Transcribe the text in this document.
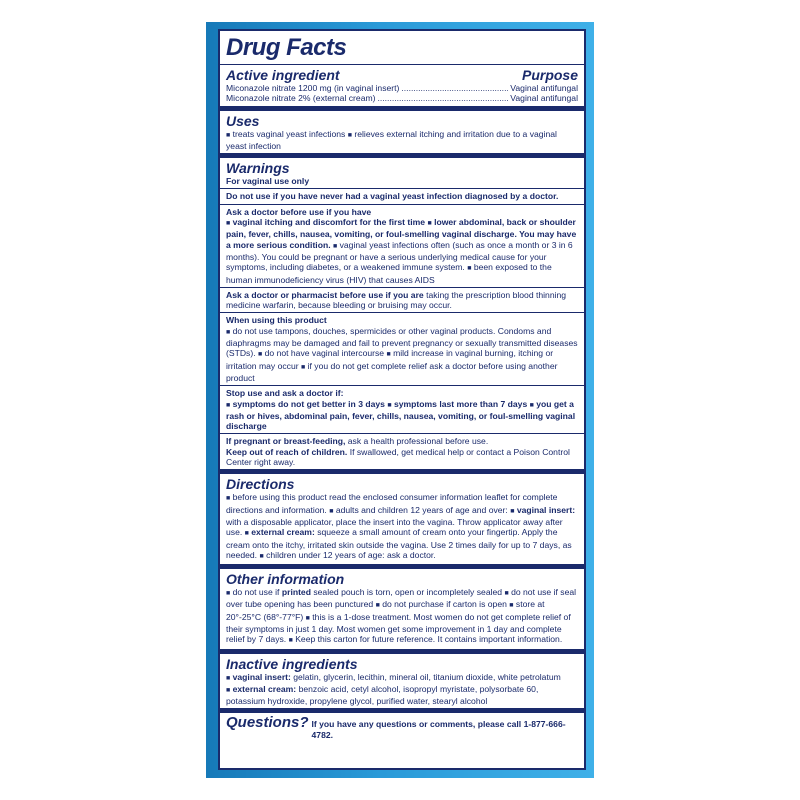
Drug Facts
Active ingredient	Purpose
Miconazole nitrate 1200 mg (in vaginal insert) .....	Vaginal antifungal
Miconazole nitrate 2% (external cream) .....	Vaginal antifungal
Uses

■ treats vaginal yeast infections ■ relieves external itching and irritation due to a vaginal yeast infection

Warnings

For vaginal use only

Do not use if you have never had a vaginal yeast infection diagnosed by a doctor.

Ask a doctor before use if you have

■ vaginal itching and discomfort for the first time ■ lower abdominal, back or shoulder pain, fever, chills, nausea, vomiting, or foul-smelling vaginal discharge. You may have a more serious condition. ■ vaginal yeast infections often (such as once a month or 3 in 6 months). You could be pregnant or have a serious underlying medical cause for your symptoms, including diabetes, or a weakened immune system. ■ been exposed to the human immunodeficiency virus (HIV) that causes AIDS

Ask a doctor or pharmacist before use if you are taking the prescription blood thinning medicine warfarin, because bleeding or bruising may occur.

When using this product

■ do not use tampons, douches, spermicides or other vaginal products. Condoms and diaphragms may be damaged and fail to prevent pregnancy or sexually transmitted diseases (STDs). ■ do not have vaginal intercourse ■ mild increase in vaginal burning, itching or irritation may occur ■ if you do not get complete relief ask a doctor before using another product

Stop use and ask a doctor if:

■ symptoms do not get better in 3 days ■ symptoms last more than 7 days ■ you get a rash or hives, abdominal pain, fever, chills, nausea, vomiting, or foul-smelling vaginal discharge

If pregnant or breast-feeding, ask a health professional before use.

Keep out of reach of children. If swallowed, get medical help or contact a Poison Control Center right away.

Directions

■ before using this product read the enclosed consumer information leaflet for complete directions and information. ■ adults and children 12 years of age and over: ■ vaginal insert: with a disposable applicator, place the insert into the vagina. Throw applicator away after use. ■ external cream: squeeze a small amount of cream onto your fingertip. Apply the cream onto the itchy, irritated skin outside the vagina. Use 2 times daily for up to 7 days, as needed. ■ children under 12 years of age: ask a doctor.

Other information

■ do not use if printed sealed pouch is torn, open or incompletely sealed ■ do not use if seal over tube opening has been punctured ■ do not purchase if carton is open ■ store at 20°-25°C (68°-77°F) ■ this is a 1-dose treatment. Most women do not get complete relief of their symptoms in just 1 day. Most women get some improvement in 1 day and complete relief by 7 days. ■ Keep this carton for future reference. It contains important information.

Inactive ingredients

■ vaginal insert: gelatin, glycerin, lecithin, mineral oil, titanium dioxide, white petrolatum

■ external cream: benzoic acid, cetyl alcohol, isopropyl myristate, polysorbate 60, potassium hydroxide, propylene glycol, purified water, stearyl alcohol

Questions? If you have any questions or comments, please call 1-877-666-4782.
